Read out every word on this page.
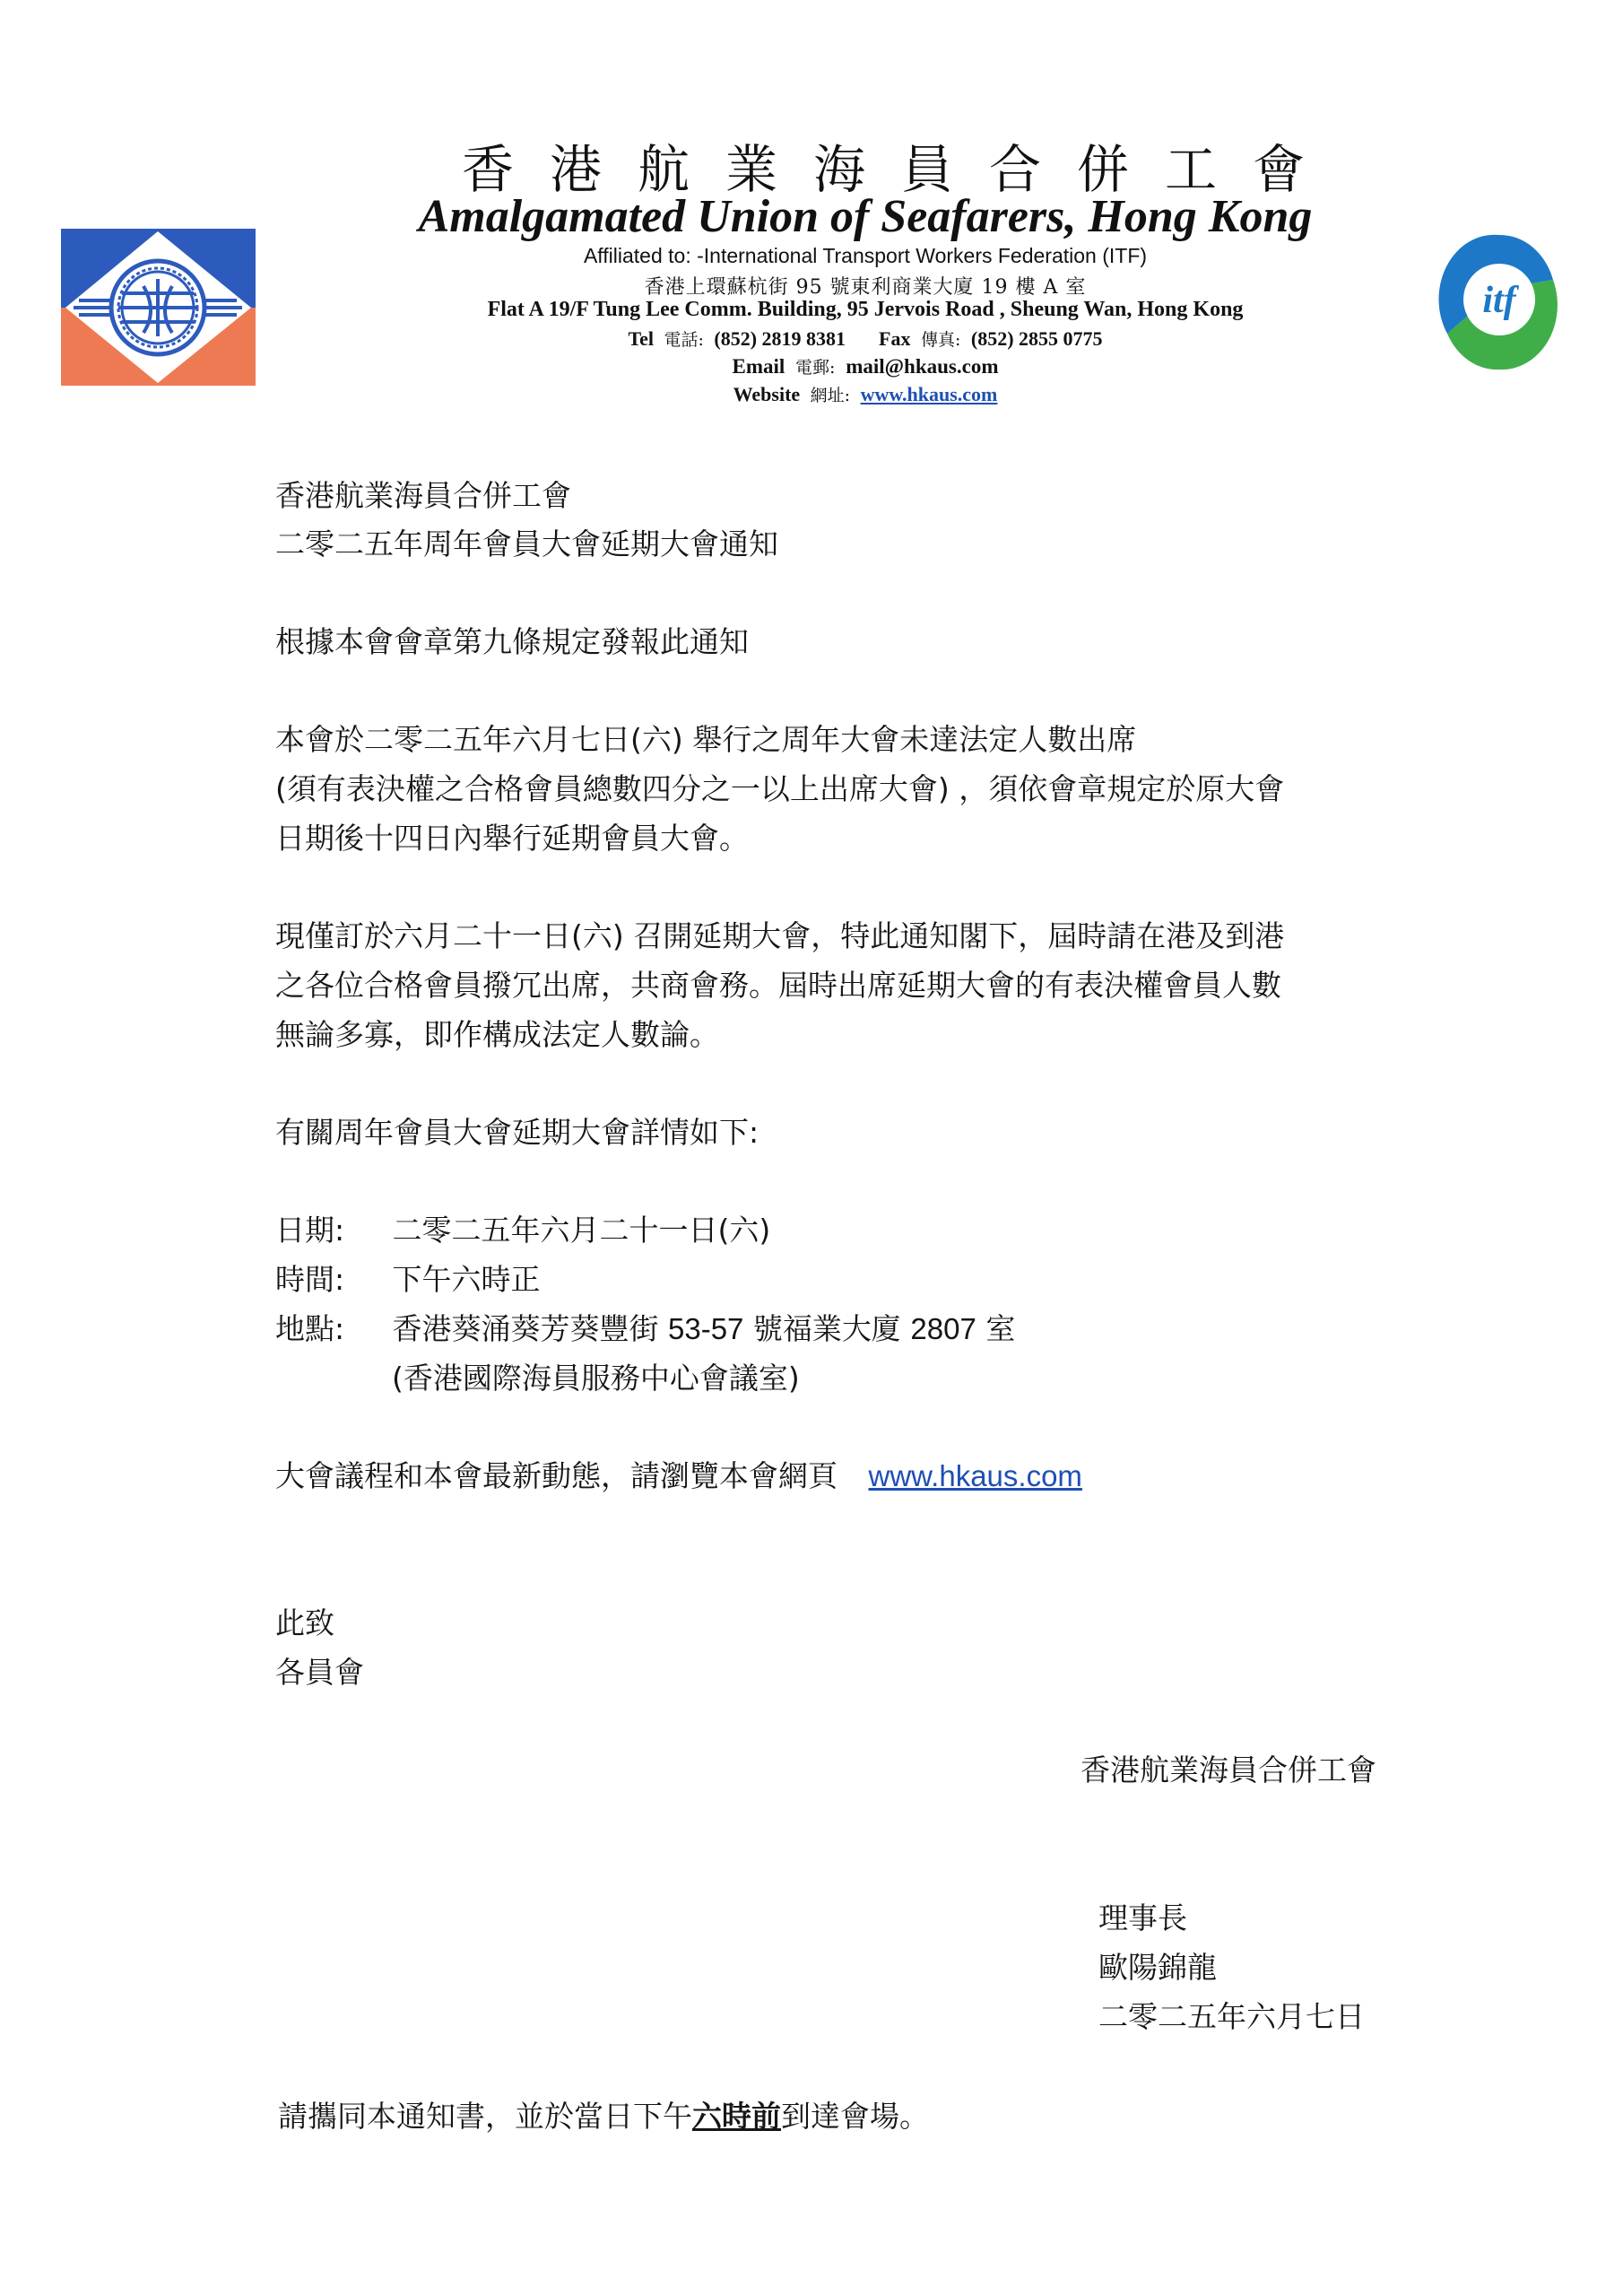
itf
香港航業海員合併工會
Amalgamated Union of Seafarers, Hong Kong
Affiliated to: -International Transport Workers Federation (ITF)
香港上環蘇杭街 95 號東利商業大廈 19 樓 A 室
Flat A 19/F Tung Lee Comm. Building, 95 Jervois Road , Sheung Wan, Hong Kong
Tel 電話: (852) 2819 8381 Fax 傳真: (852) 2855 0775
Email 電郵: mail@hkaus.com
Website 網址: www.hkaus.com
香港航業海員合併工會
二零二五年周年會員大會延期大會通知
根據本會會章第九條規定發報此通知
本會於二零二五年六月七日(六) 舉行之周年大會未達法定人數出席
(須有表決權之合格會員總數四分之一以上出席大會) ，須依會章規定於原大會
日期後十四日內舉行延期會員大會。
現僅訂於六月二十一日(六) 召開延期大會，特此通知閣下，屆時請在港及到港
之各位合格會員撥冗出席，共商會務。屆時出席延期大會的有表決權會員人數
無論多寡，即作構成法定人數論。
有關周年會員大會延期大會詳情如下:
日期: 二零二五年六月二十一日(六)
時間: 下午六時正
地點: 香港葵涌葵芳葵豐街 53-57 號福業大廈 2807 室
(香港國際海員服務中心會議室)
大會議程和本會最新動態，請瀏覽本會網頁 www.hkaus.com
此致
各員會
香港航業海員合併工會
理事長
歐陽錦龍
二零二五年六月七日
請攜同本通知書，並於當日下午六時前到達會場。
